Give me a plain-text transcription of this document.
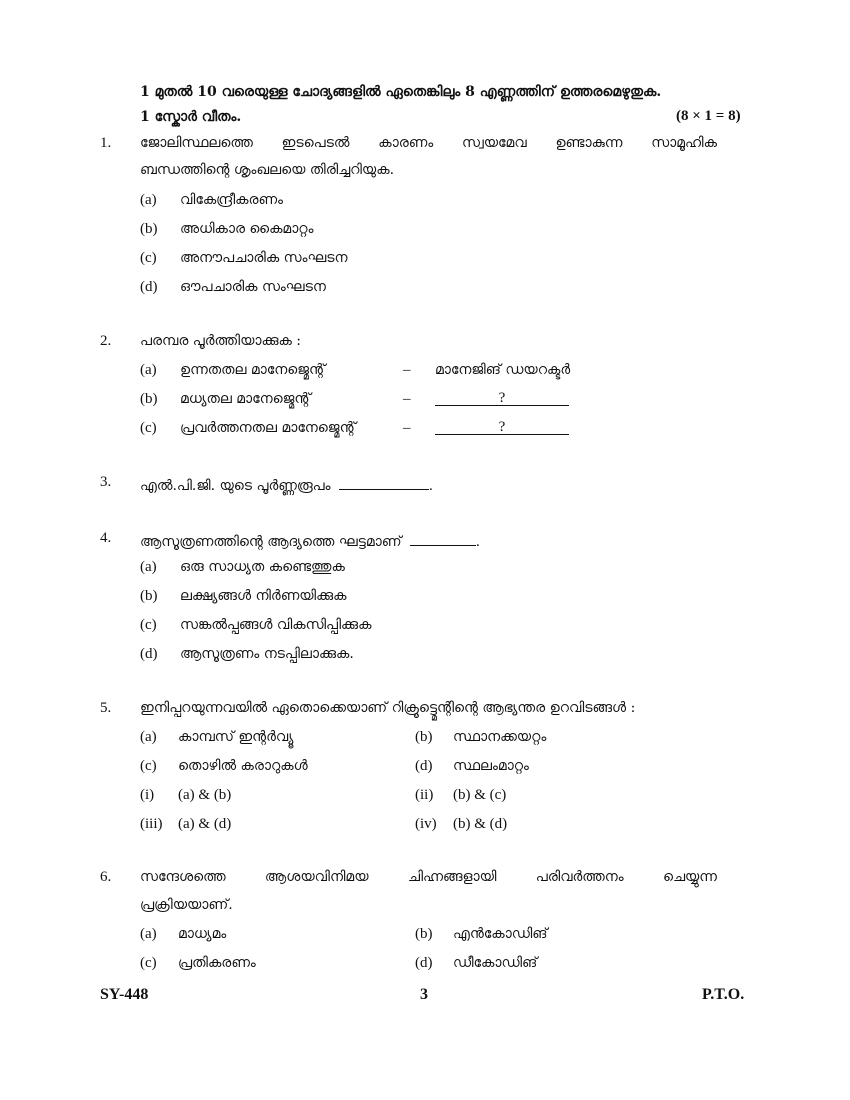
1 മുതൽ 10 വരെയുള്ള ചോദ്യങ്ങളിൽ ഏതെങ്കിലും 8 എണ്ണത്തിന് ഉത്തരമെഴുതുക.
1 സ്കോർ വീതം.	(8 × 1 = 8)
1. ജോലിസ്ഥലത്തെ ഇടപെടൽ കാരണം സ്വയമേവ ഉണ്ടാകുന്ന സാമൂഹിക
ബന്ധത്തിന്റെ ശൃംഖലയെ തിരിച്ചറിയുക.
(a) വികേന്ദ്രീകരണം
(b) അധികാര കൈമാറ്റം
(c) അനൗപചാരിക സംഘടന
(d) ഔപചാരിക സംഘടന
2. പരമ്പര പൂർത്തിയാക്കുക :
(a) ഉന്നതതല മാനേജ്മെന്റ്	– മാനേജിങ് ഡയറക്ടർ
(b) മധ്യതല മാനേജ്മെന്റ്	–	?
(c) പ്രവർത്തനതല മാനേജ്മെന്റ്	–	?
3. എൽ.പി.ജി. യുടെ പൂർണ്ണരൂപം	.
4. ആസൂത്രണത്തിന്റെ ആദ്യത്തെ ഘട്ടമാണ്	.
(a) ഒരു സാധ്യത കണ്ടെത്തുക
(b) ലക്ഷ്യങ്ങൾ നിർണയിക്കുക
(c) സങ്കൽപ്പങ്ങൾ വികസിപ്പിക്കുക
(d) ആസൂത്രണം നടപ്പിലാക്കുക.
5. ഇനിപ്പറയുന്നവയിൽ ഏതൊക്കെയാണ് റിക്രൂട്ട്മെന്റിന്റെ ആഭ്യന്തര ഉറവിടങ്ങൾ :
(a) കാമ്പസ് ഇന്റർവ്യൂ	(b) സ്ഥാനക്കയറ്റം
(c) തൊഴിൽ കരാറുകൾ	(d) സ്ഥലംമാറ്റം
(i) (a) & (b)	(ii) (b) & (c)
(iii) (a) & (d)	(iv) (b) & (d)
6. സന്ദേശത്തെ	ആശയവിനിമയ	ചിഹ്നങ്ങളായി	പരിവർത്തനം	ചെയ്യുന്ന
പ്രക്രിയയാണ്.
(a) മാധ്യമം	(b) എൻകോഡിങ്
(c) പ്രതികരണം	(d) ഡീകോഡിങ്
SY-448	3	P.T.O.
